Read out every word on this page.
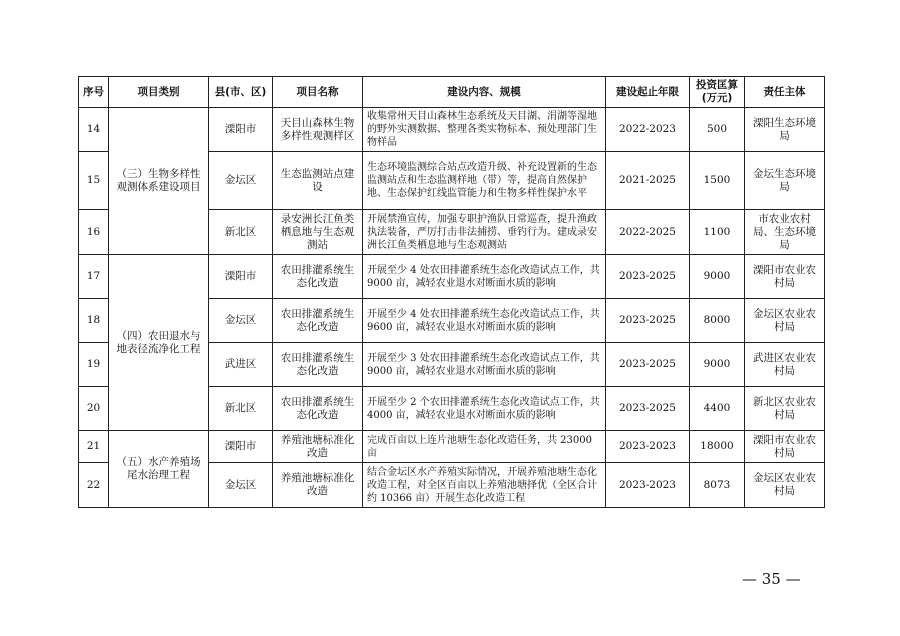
序号	项目类别	县(市、区)	项目名称	建设内容、规模	建设起止年限	投资匡算(万元)	责任主体
14	（三）生物多样性观测体系建设项目	溧阳市	天目山森林生物多样性观测样区	收集常州天目山森林生态系统及天目湖、涓湖等湿地的野外实测数据、整理各类实物标本、预处理部门生物样品	2022-2023	500	溧阳生态环境局
15		金坛区	生态监测站点建设	生态环境监测综合站点改造升级、补充设置新的生态监测站点和生态监测样地（带）等，提高自然保护地、生态保护红线监管能力和生物多样性保护水平	2021-2025	1500	金坛生态环境局
16		新北区	录安洲长江鱼类栖息地与生态观测站	开展禁渔宣传，加强专职护渔队日常巡查，提升渔政执法装备，严厉打击非法捕捞、垂钓行为。建成录安洲长江鱼类栖息地与生态观测站	2022-2025	1100	市农业农村局、生态环境局
17	（四）农田退水与地表径流净化工程	溧阳市	农田排灌系统生态化改造	开展至少 4 处农田排灌系统生态化改造试点工作，共 9000 亩，减轻农业退水对断面水质的影响	2023-2025	9000	溧阳市农业农村局
18		金坛区	农田排灌系统生态化改造	开展至少 4 处农田排灌系统生态化改造试点工作，共 9600 亩，减轻农业退水对断面水质的影响	2023-2025	8000	金坛区农业农村局
19		武进区	农田排灌系统生态化改造	开展至少 3 处农田排灌系统生态化改造试点工作，共 9000 亩，减轻农业退水对断面水质的影响	2023-2025	9000	武进区农业农村局
20		新北区	农田排灌系统生态化改造	开展至少 2 个农田排灌系统生态化改造试点工作，共 4000 亩，减轻农业退水对断面水质的影响	2023-2025	4400	新北区农业农村局
21	（五）水产养殖场尾水治理工程	溧阳市	养殖池塘标准化改造	完成百亩以上连片池塘生态化改造任务，共 23000 亩	2023-2023	18000	溧阳市农业农村局
22		金坛区	养殖池塘标准化改造	结合金坛区水产养殖实际情况，开展养殖池塘生态化改造工程，对全区百亩以上养殖池塘择优（全区合计约 10366 亩）开展生态化改造工程	2023-2023	8073	金坛区农业农村局
— 35 —
